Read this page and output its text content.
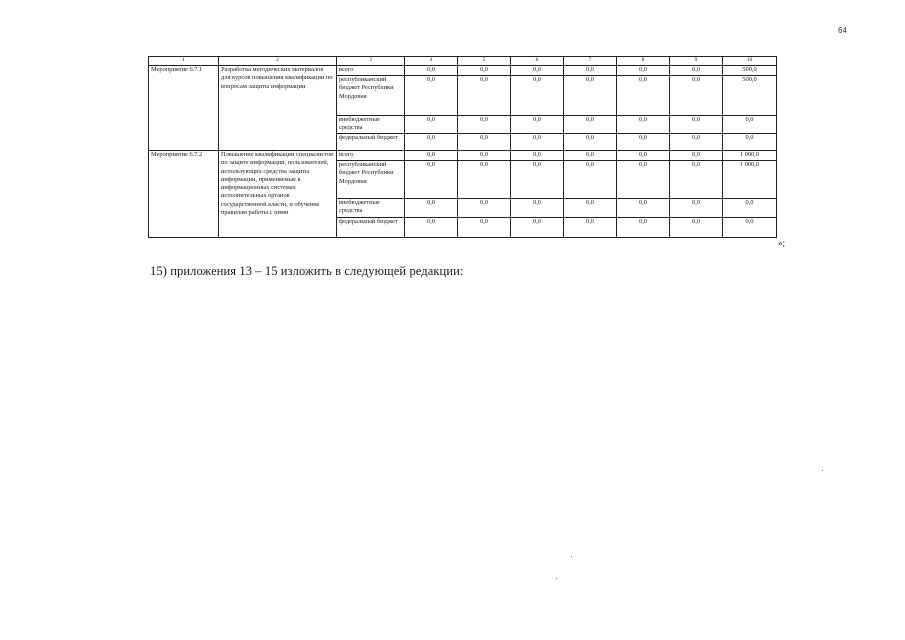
64
1	2	3	4	5	6	7	8	9	10
Мероприятие 6.7.1	Разработка методических материалов для курсов повышения квалификации по вопросам защиты информации	всего	0,0	0,0	0,0	0,0	0,0	0,0	500,0
		республиканский бюджет Республики Мордовия	0,0	0,0	0,0	0,0	0,0	0,0	500,0
		внебюджетные средства	0,0	0,0	0,0	0,0	0,0	0,0	0,0
		федеральный бюджет	0,0	0,0	0,0	0,0	0,0	0,0	0,0
Мероприятие 6.7.2	Повышение квалификации специалистов по защите информации, пользователей, использующих средства защиты информации, применяемые в информационных системах исполнительных органов государственной власти, и обучение правилам работы с ними	всего	0,0	0,0	0,0	0,0	0,0	0,0	1 000,0
		республиканский бюджет Республики Мордовия	0,0	0,0	0,0	0,0	0,0	0,0	1 000,0
		внебюджетные средства	0,0	0,0	0,0	0,0	0,0	0,0	0,0
		федеральный бюджет	0,0	0,0	0,0	0,0	0,0	0,0	0,0
»;
15) приложения 13 – 15 изложить в следующей редакции:
